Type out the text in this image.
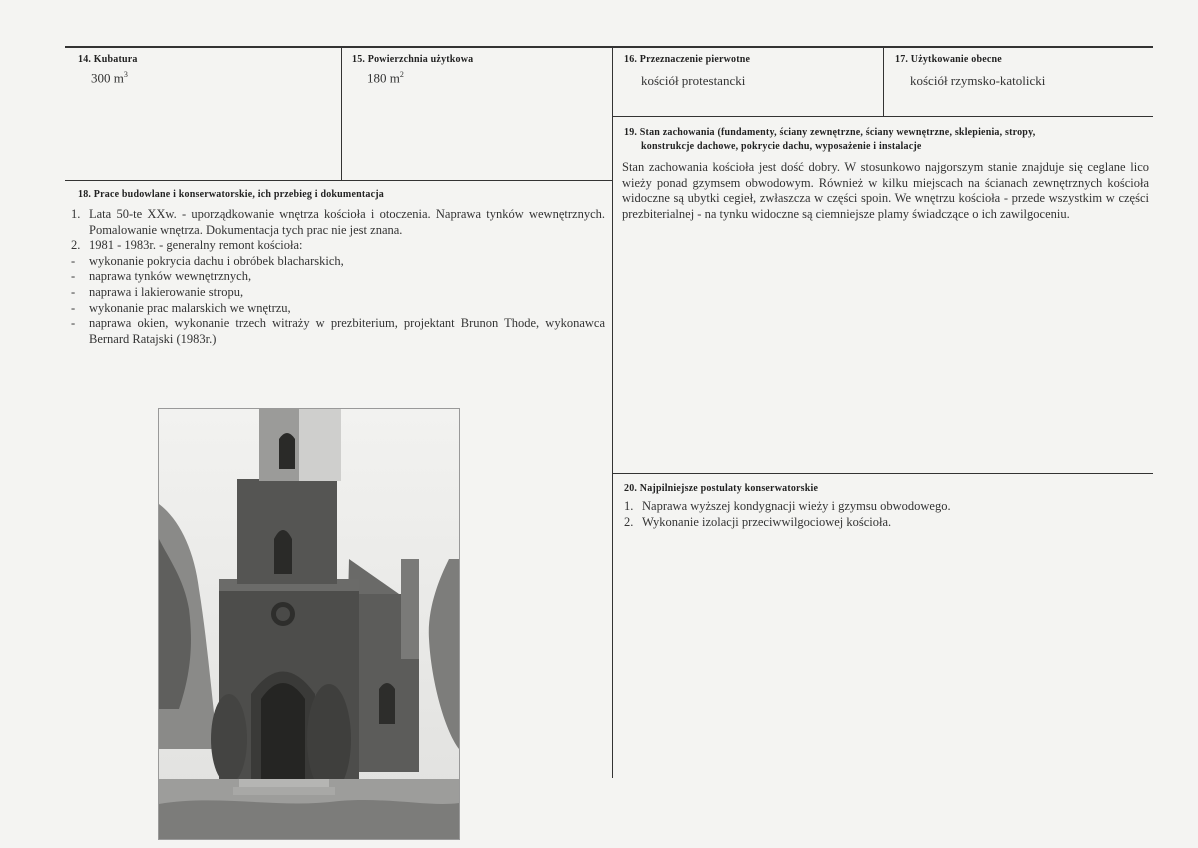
14. Kubatura
300 $m^3$
15. Powierzchnia użytkowa
180 $m^2$
16. Przeznaczenie pierwotne
kościół protestancki
17. Użytkowanie obecne
kościół rzymsko-katolicki
18. Prace budowlane i konserwatorskie, ich przebieg i dokumentacja
1. Lata 50-te XXw. - uporządkowanie wnętrza kościoła i otoczenia. Naprawa tynków wewnętrznych. Pomalowanie wnętrza. Dokumentacja tych prac nie jest znana.
2. 1981 - 1983r. - generalny remont kościoła:
- wykonanie pokrycia dachu i obróbek blacharskich,
- naprawa tynków wewnętrznych,
- naprawa i lakierowanie stropu,
- wykonanie prac malarskich we wnętrzu,
- naprawa okien, wykonanie trzech witraży w prezbiterium, projektant Brunon Thode, wykonawca Bernard Ratajski (1983r.)
19. Stan zachowania (fundamenty, ściany zewnętrzne, ściany wewnętrzne, sklepienia, stropy,
konstrukcje dachowe, pokrycie dachu, wyposażenie i instalacje
Stan zachowania kościoła jest dość dobry. W stosunkowo najgorszym stanie znajduje się ceglane lico wieży ponad gzymsem obwodowym. Również w kilku miejscach na ścianach zewnętrznych kościoła widoczne są ubytki cegieł, zwłaszcza w części spoin. We wnętrzu kościoła - przede wszystkim w części prezbiterialnej - na tynku widoczne są ciemniejsze plamy świadczące o ich zawilgoceniu.
20. Najpilniejsze postulaty konserwatorskie
1. Naprawa wyższej kondygnacji wieży i gzymsu obwodowego.
2. Wykonanie izolacji przeciwwilgociowej kościoła.
